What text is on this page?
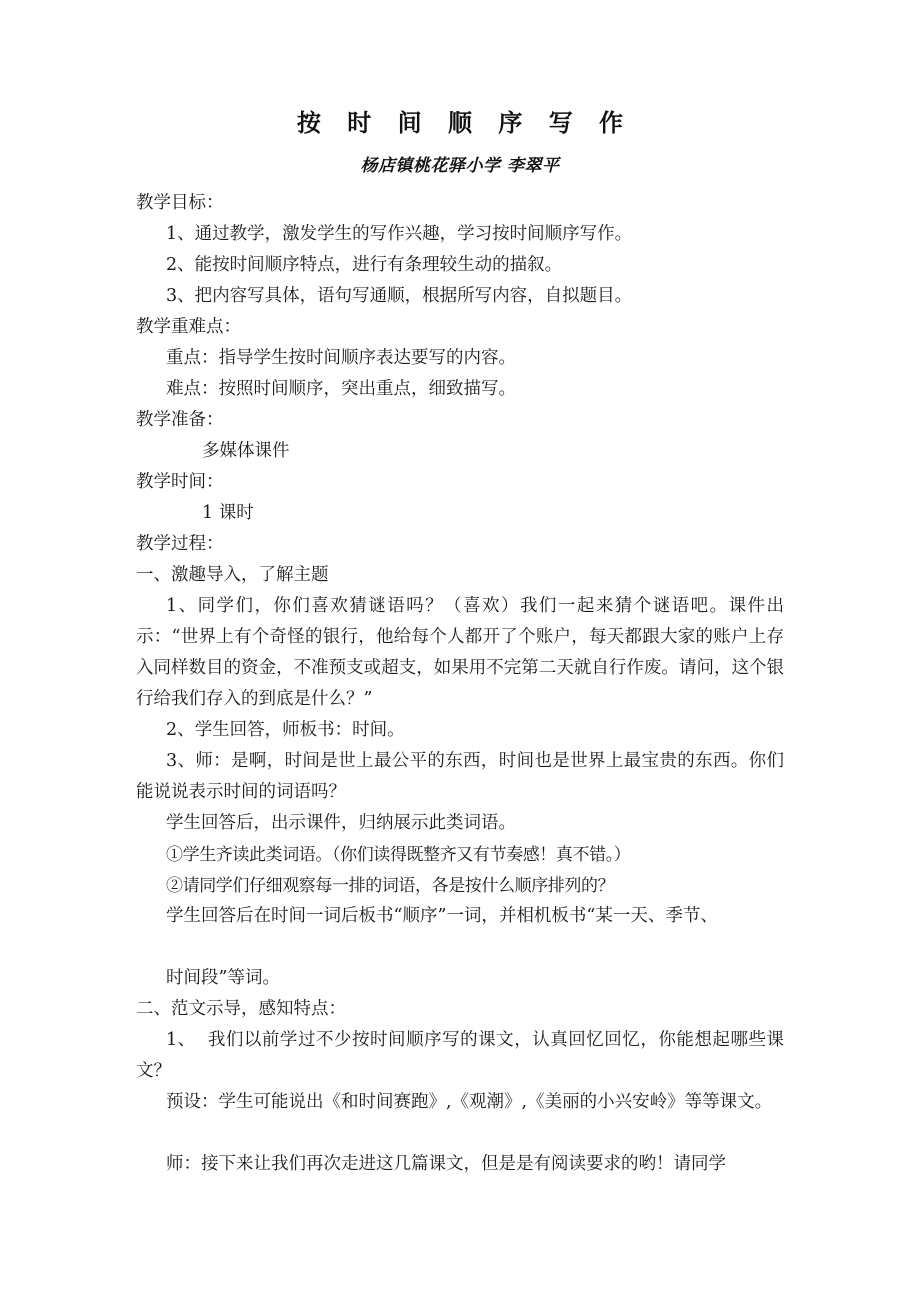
按 时 间 顺 序 写 作
杨店镇桃花驿小学 李翠平

教学目标：

1、通过教学，激发学生的写作兴趣，学习按时间顺序写作。

2、能按时间顺序特点，进行有条理较生动的描叙。

3、把内容写具体，语句写通顺，根据所写内容，自拟题目。

教学重难点：

重点：指导学生按时间顺序表达要写的内容。

难点：按照时间顺序，突出重点，细致描写。

教学准备：

多媒体课件

教学时间：

1 课时

教学过程：

一、激趣导入，了解主题

1、同学们，你们喜欢猜谜语吗？（喜欢）我们一起来猜个谜语吧。课件出示：“世界上有个奇怪的银行，他给每个人都开了个账户，每天都跟大家的账户上存入同样数目的资金，不准预支或超支，如果用不完第二天就自行作废。请问，这个银行给我们存入的到底是什么？”

2、学生回答，师板书：时间。

3、师：是啊，时间是世上最公平的东西，时间也是世界上最宝贵的东西。你们能说说表示时间的词语吗？

学生回答后，出示课件，归纳展示此类词语。

①学生齐读此类词语。（你们读得既整齐又有节奏感！真不错。）

②请同学们仔细观察每一排的词语，各是按什么顺序排列的？

学生回答后在时间一词后板书“顺序”一词，并相机板书“某一天、季节、

时间段”等词。

二、范文示导，感知特点：

1、  我们以前学过不少按时间顺序写的课文，认真回忆回忆，你能想起哪些课文？

预设：学生可能说出《和时间赛跑》,《观潮》,《美丽的小兴安岭》等等课文。

师：接下来让我们再次走进这几篇课文，但是是有阅读要求的哟！请同学
